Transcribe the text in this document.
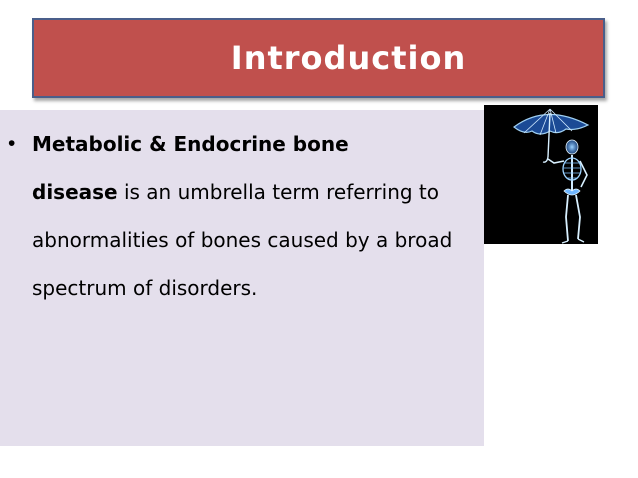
Introduction
• Metabolic & Endocrine bone
disease is an umbrella term referring to abnormalities of bones caused by a broad spectrum of disorders.
